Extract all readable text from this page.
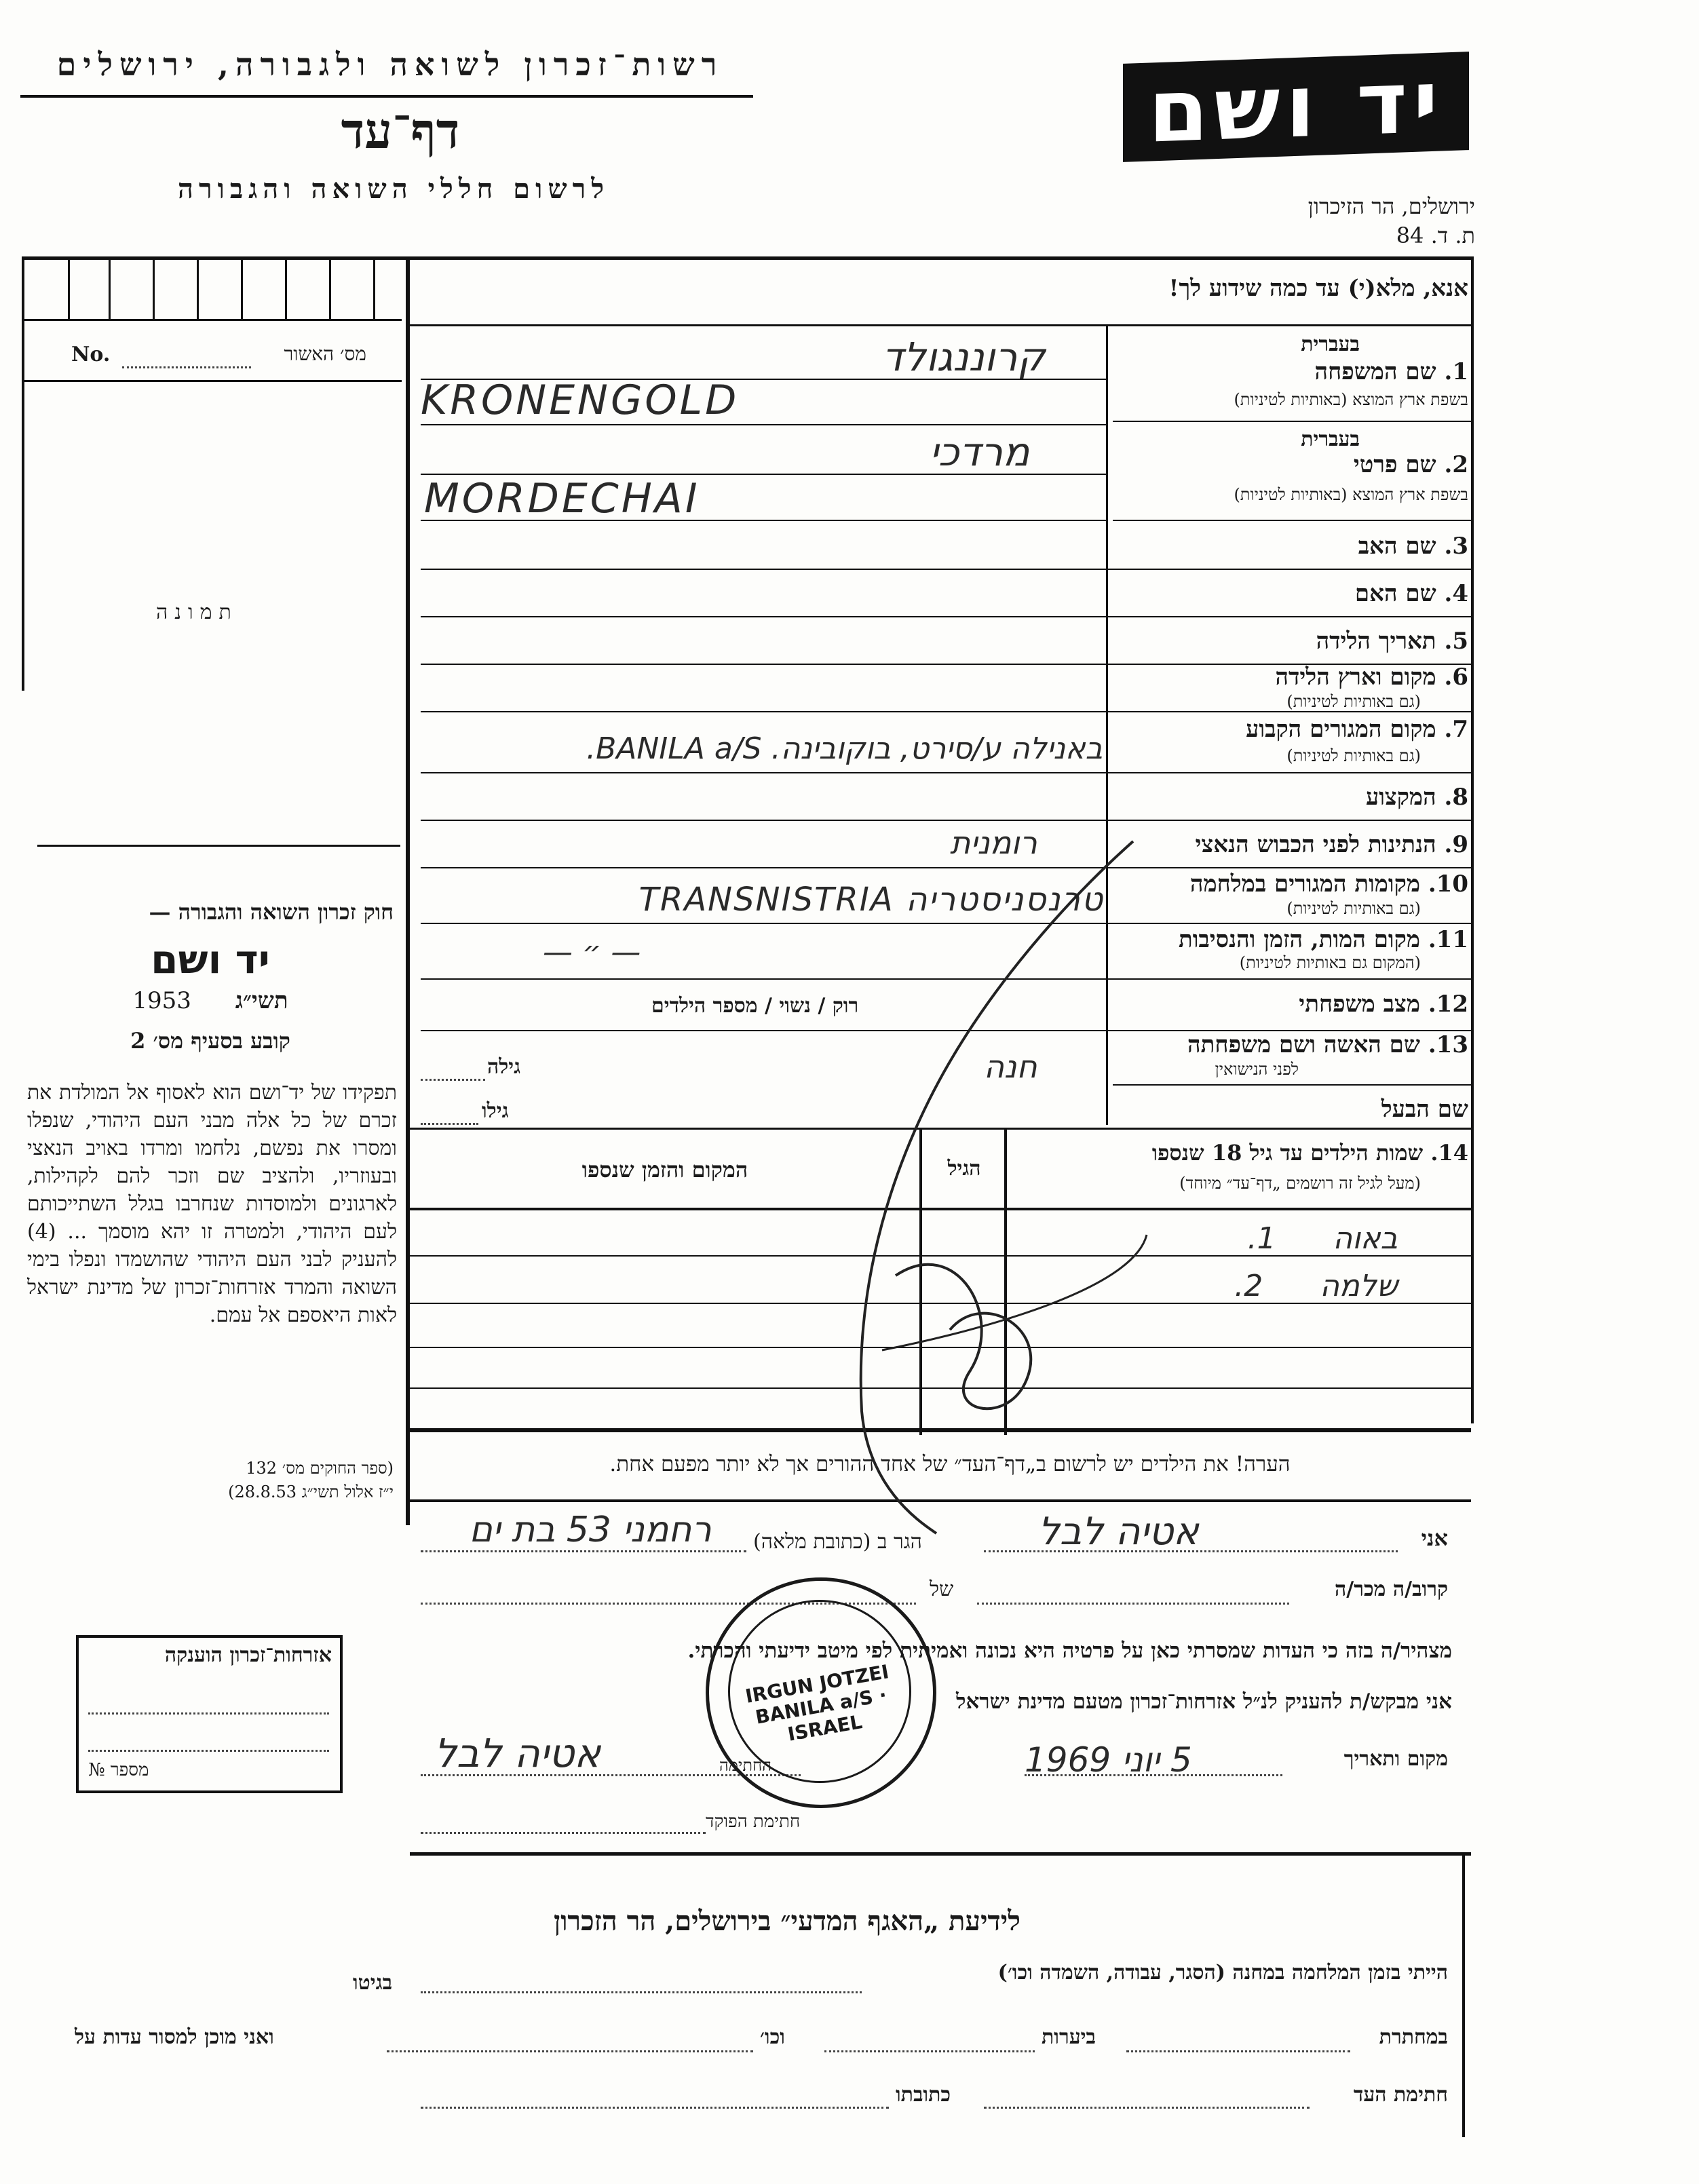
רשות־זכרון לשואה ולגבורה, ירושלים
דף־עד
לרשום חללי השואה והגבורה
יד ושם
ירושלים, הר הזיכרון
ת. ד. 84
No.	מס׳ האשור
תמונה
חוק זכרון השואה והגבורה —
יד ושם
1953 תשי״ג
קובע בסעיף מס׳ 2
תפקידו של יד־ושם הוא לאסוף אל המולדת את זכרם של כל אלה מבני העם היהודי, שנפלו ומסרו את נפשם, נלחמו ומרדו באויב הנאצי ובעוזריו, ולהציב שם וזכר להם לקהילות, לארגונים ולמוסדות שנחרבו בגלל השתייכותם לעם היהודי, ולמטרה זו יהא מוסמך ... (4) להעניק לבני העם היהודי שהושמדו ונפלו בימי השואה והמרד אזרחות־זכרון של מדינת ישראל לאות היאספם אל עמם.
(ספר החוקים מס׳ 132
י״ז אלול תשי״ג 28.8.53)
אזרחות־זכרון הוענקה
מספר №
אנא, מלא(י) עד כמה שידוע לך!
בעברית
1. שם המשפחה
בשפת ארץ המוצא (באותיות לטיניות)
קרוננגולד
KRONENGOLD
בעברית
2. שם פרטי
בשפת ארץ המוצא (באותיות לטיניות)
מרדכי
MORDECHAI
3. שם האב
4. שם האם
5. תאריך הלידה
6. מקום וארץ הלידה
(גם באותיות לטיניות)
7. מקום המגורים הקבוע
(גם באותיות לטיניות)
באנילה ע/סירט, בוקובינה. BANILA a/S.
8. המקצוע
9. הנתינות לפני הכבוש הנאצי
רומנית
10. מקומות המגורים במלחמה
(גם באותיות לטיניות)
טרנסניסטריה TRANSNISTRIA
11. מקום המות, הזמן והנסיבות
(המקום גם באותיות לטיניות)
— ״ —
12. מצב משפחתי
רוק / נשוי / מספר הילדים
13. שם האשה ושם משפחתה
לפני הנישואין
חנה
גילה
שם הבעל
גילו
14. שמות הילדים עד גיל 18 שנספו
(מעל לגיל זה רושמים „דף־עד״ מיוחד)
הגיל
המקום והזמן שנספו
באוה      1.
שלמה      2.
הערה! את הילדים יש לרשום ב„דף־העד״ של אחד ההורים אך לא יותר מפעם אחת.
אני
אטיה לבל
הגר ב (כתובת מלאה)
רחמני 53 בת ים
קרוב/ה מכר/ה
של
מצהיר/ה בזה כי העדות שמסרתי כאן על פרטיה היא נכונה ואמיתית לפי מיטב ידיעתי והכרתי.
אני מבקש/ת להעניק לנ״ל אזרחות־זכרון מטעם מדינת ישראל
מקום ותאריך
5 יוני 1969
אטיה לבל	החתימה
חתימת הפוקד
IRGUN JOTZEI BANILA a/S · ISRAEL
לידיעת „האגף המדעי״ בירושלים, הר הזכרון
הייתי בזמן המלחמה במחנה (הסגר, עבודה, השמדה וכו׳)
בגיטו
במחתרת
ביערות
וכו׳
ואני מוכן למסור עדות על
חתימת העד
כתובתו
